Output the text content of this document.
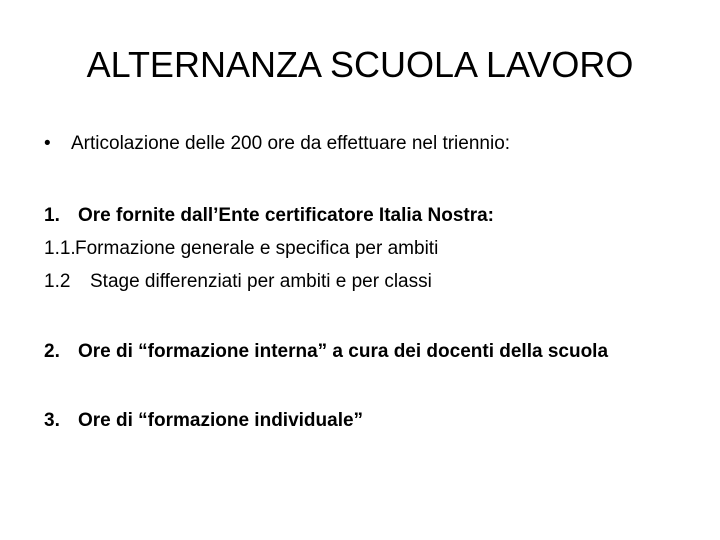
ALTERNANZA SCUOLA LAVORO
• Articolazione delle 200 ore da effettuare nel triennio:
1. Ore fornite dall’Ente certificatore Italia Nostra:
1.1.Formazione generale e specifica per ambiti
1.2 Stage differenziati per ambiti e per classi
2. Ore di “formazione interna” a cura dei docenti della scuola
3. Ore di “formazione individuale”
